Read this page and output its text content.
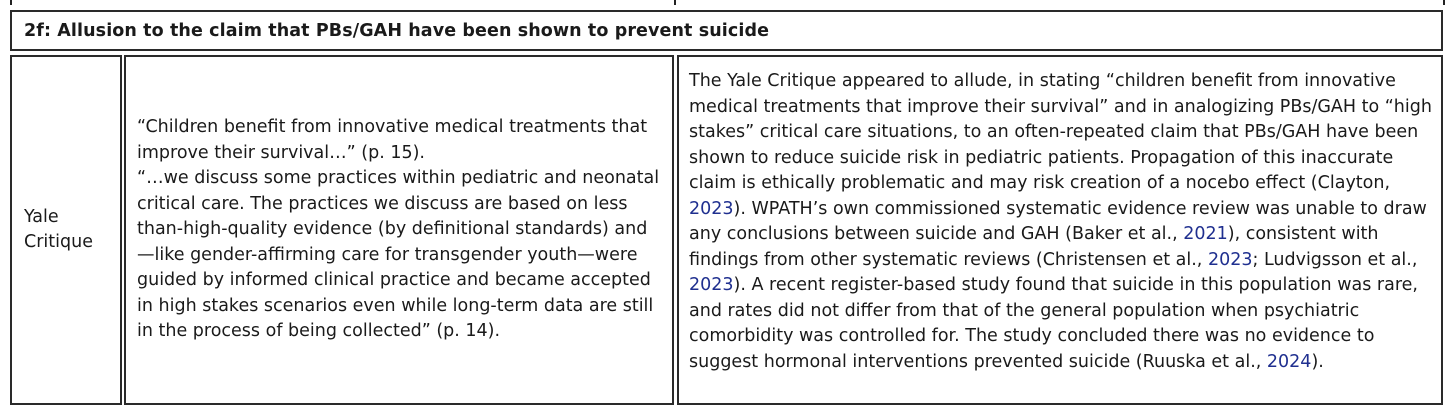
2f: Allusion to the claim that PBs/GAH have been shown to prevent suicide
Yale
Critique

“Children benefit from innovative medical treatments that improve their survival…” (p. 15).

“…we discuss some practices within pediatric and neonatal critical care. The practices we discuss are based on less than-high-quality evidence (by definitional standards) and—like gender-affirming care for transgender youth—were guided by informed clinical practice and became accepted in high stakes scenarios even while long-term data are still in the process of being collected” (p. 14).

The Yale Critique appeared to allude, in stating “children benefit from innovative medical treatments that improve their survival” and in analogizing PBs/GAH to “high stakes” critical care situations, to an often-repeated claim that PBs/GAH have been shown to reduce suicide risk in pediatric patients. Propagation of this inaccurate claim is ethically problematic and may risk creation of a nocebo effect (Clayton, 2023). WPATH’s own commissioned systematic evidence review was unable to draw any conclusions between suicide and GAH (Baker et al., 2021), consistent with findings from other systematic reviews (Christensen et al., 2023; Ludvigsson et al., 2023). A recent register-based study found that suicide in this population was rare, and rates did not differ from that of the general population when psychiatric comorbidity was controlled for. The study concluded there was no evidence to suggest hormonal interventions prevented suicide (Ruuska et al., 2024).
